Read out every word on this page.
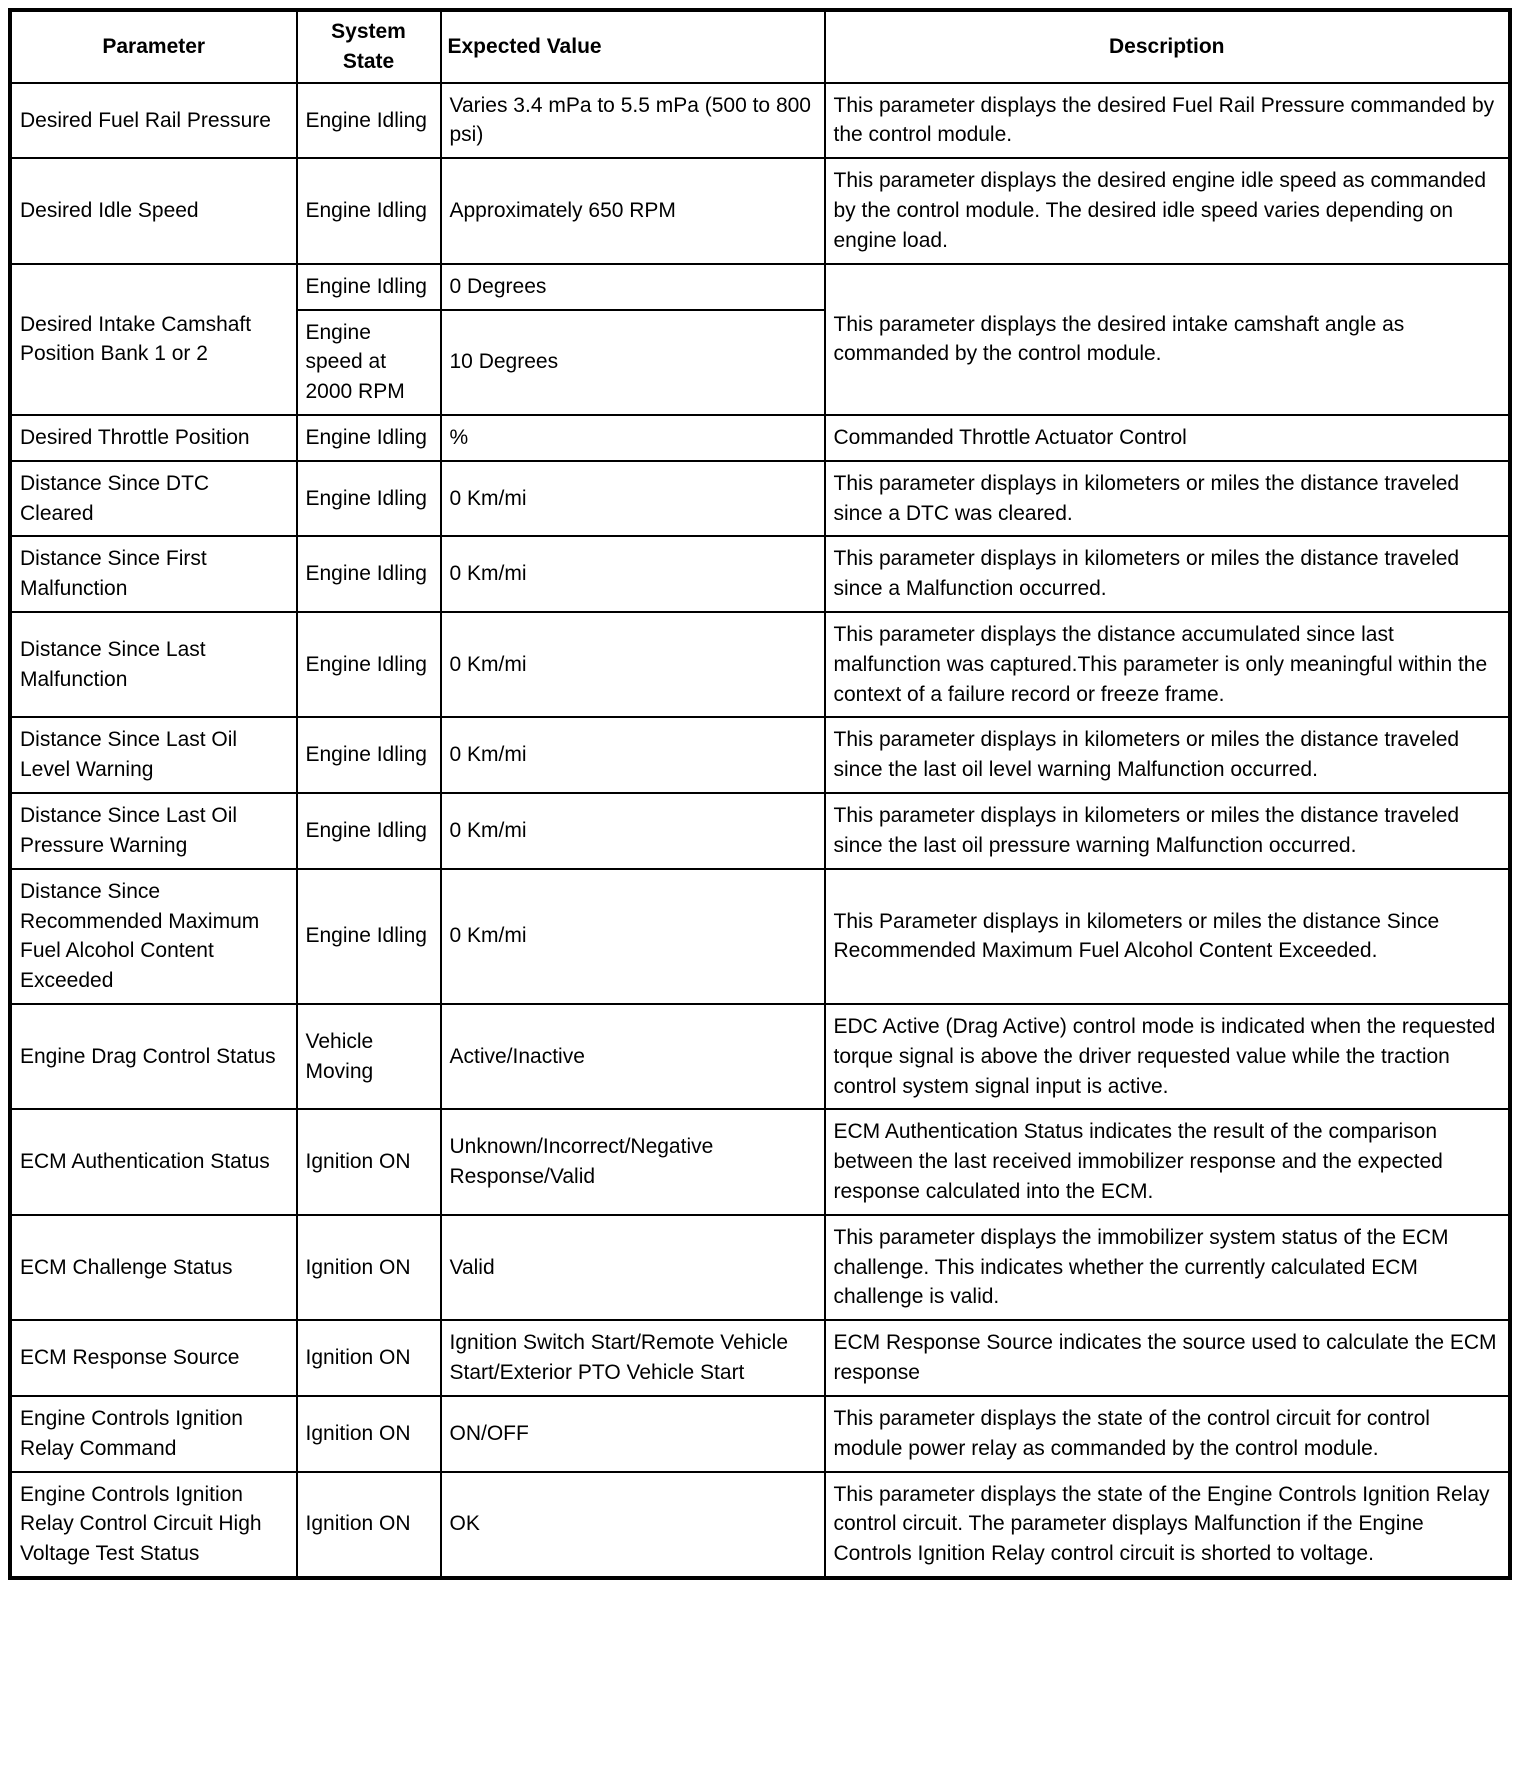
Parameter	System State	Expected Value	Description
Desired Fuel Rail Pressure	Engine Idling	Varies 3.4 mPa to 5.5 mPa (500 to 800 psi)	This parameter displays the desired Fuel Rail Pressure commanded by the control module.
Desired Idle Speed	Engine Idling	Approximately 650 RPM	This parameter displays the desired engine idle speed as commanded by the control module. The desired idle speed varies depending on engine load.
Desired Intake Camshaft Position Bank 1 or 2	Engine Idling	0 Degrees	This parameter displays the desired intake camshaft angle as commanded by the control module.
	Engine speed at 2000 RPM	10 Degrees	
Desired Throttle Position	Engine Idling	%	Commanded Throttle Actuator Control
Distance Since DTC Cleared	Engine Idling	0 Km/mi	This parameter displays in kilometers or miles the distance traveled since a DTC was cleared.
Distance Since First Malfunction	Engine Idling	0 Km/mi	This parameter displays in kilometers or miles the distance traveled since a Malfunction occurred.
Distance Since Last Malfunction	Engine Idling	0 Km/mi	This parameter displays the distance accumulated since last malfunction was captured.This parameter is only meaningful within the context of a failure record or freeze frame.
Distance Since Last Oil Level Warning	Engine Idling	0 Km/mi	This parameter displays in kilometers or miles the distance traveled since the last oil level warning Malfunction occurred.
Distance Since Last Oil Pressure Warning	Engine Idling	0 Km/mi	This parameter displays in kilometers or miles the distance traveled since the last oil pressure warning Malfunction occurred.
Distance Since Recommended Maximum Fuel Alcohol Content Exceeded	Engine Idling	0 Km/mi	This Parameter displays in kilometers or miles the distance Since Recommended Maximum Fuel Alcohol Content Exceeded.
Engine Drag Control Status	Vehicle Moving	Active/Inactive	EDC Active (Drag Active) control mode is indicated when the requested torque signal is above the driver requested value while the traction control system signal input is active.
ECM Authentication Status	Ignition ON	Unknown/Incorrect/Negative Response/Valid	ECM Authentication Status indicates the result of the comparison between the last received immobilizer response and the expected response calculated into the ECM.
ECM Challenge Status	Ignition ON	Valid	This parameter displays the immobilizer system status of the ECM challenge. This indicates whether the currently calculated ECM challenge is valid.
ECM Response Source	Ignition ON	Ignition Switch Start/Remote Vehicle Start/Exterior PTO Vehicle Start	ECM Response Source indicates the source used to calculate the ECM response
Engine Controls Ignition Relay Command	Ignition ON	ON/OFF	This parameter displays the state of the control circuit for control module power relay as commanded by the control module.
Engine Controls Ignition Relay Control Circuit High Voltage Test Status	Ignition ON	OK	This parameter displays the state of the Engine Controls Ignition Relay control circuit. The parameter displays Malfunction if the Engine Controls Ignition Relay control circuit is shorted to voltage.
